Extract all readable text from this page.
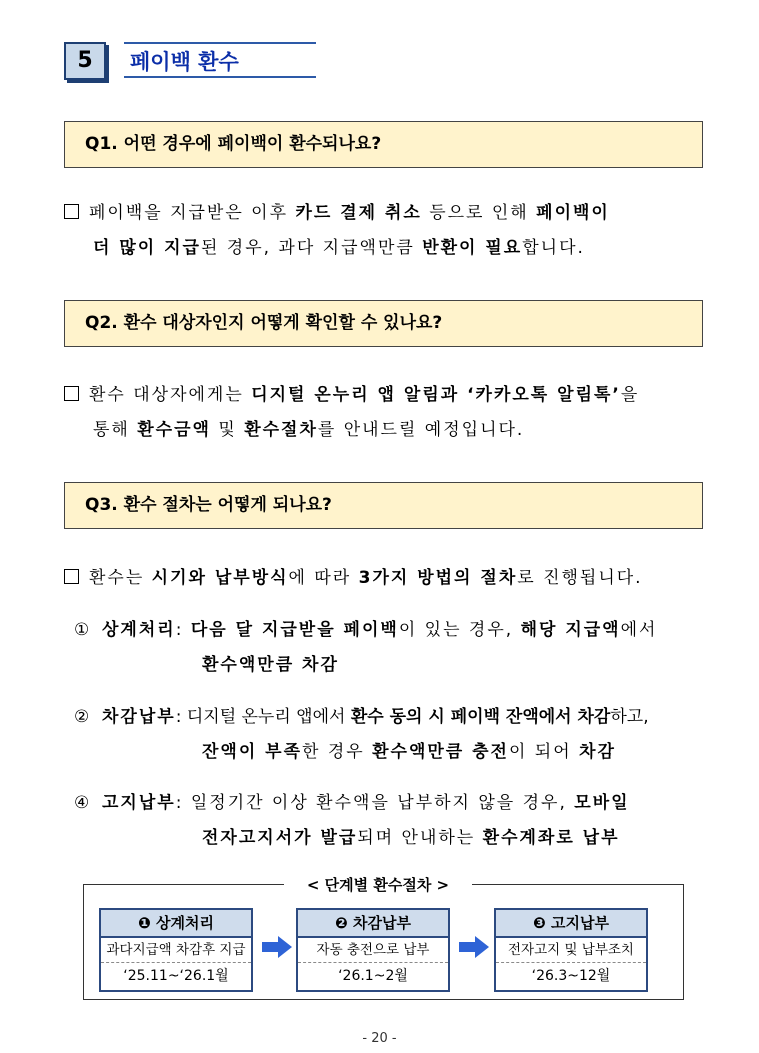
5	페이백 환수
Q1. 어떤 경우에 페이백이 환수되나요?
페이백을 지급받은 이후 카드 결제 취소 등으로 인해 페이백이
더 많이 지급된 경우, 과다 지급액만큼 반환이 필요합니다.
Q2. 환수 대상자인지 어떻게 확인할 수 있나요?
환수 대상자에게는 디지털 온누리 앱 알림과 ‘카카오톡 알림톡’을
통해 환수금액 및 환수절차를 안내드릴 예정입니다.
Q3. 환수 절차는 어떻게 되나요?
환수는 시기와 납부방식에 따라 3가지 방법의 절차로 진행됩니다.
① 상계처리: 다음 달 지급받을 페이백이 있는 경우, 해당 지급액에서
환수액만큼 차감
② 차감납부: 디지털 온누리 앱에서 환수 동의 시 페이백 잔액에서 차감하고,
잔액이 부족한 경우 환수액만큼 충전이 되어 차감
④ 고지납부: 일정기간 이상 환수액을 납부하지 않을 경우, 모바일
전자고지서가 발급되며 안내하는 환수계좌로 납부
< 단계별 환수절차 >
❶ 상계처리
과다지급액 차감후 지급
‘25.11~‘26.1월
❷ 차감납부
자동 충전으로 납부
‘26.1~2월
❸ 고지납부
전자고지 및 납부조치
‘26.3~12월
- 20 -
